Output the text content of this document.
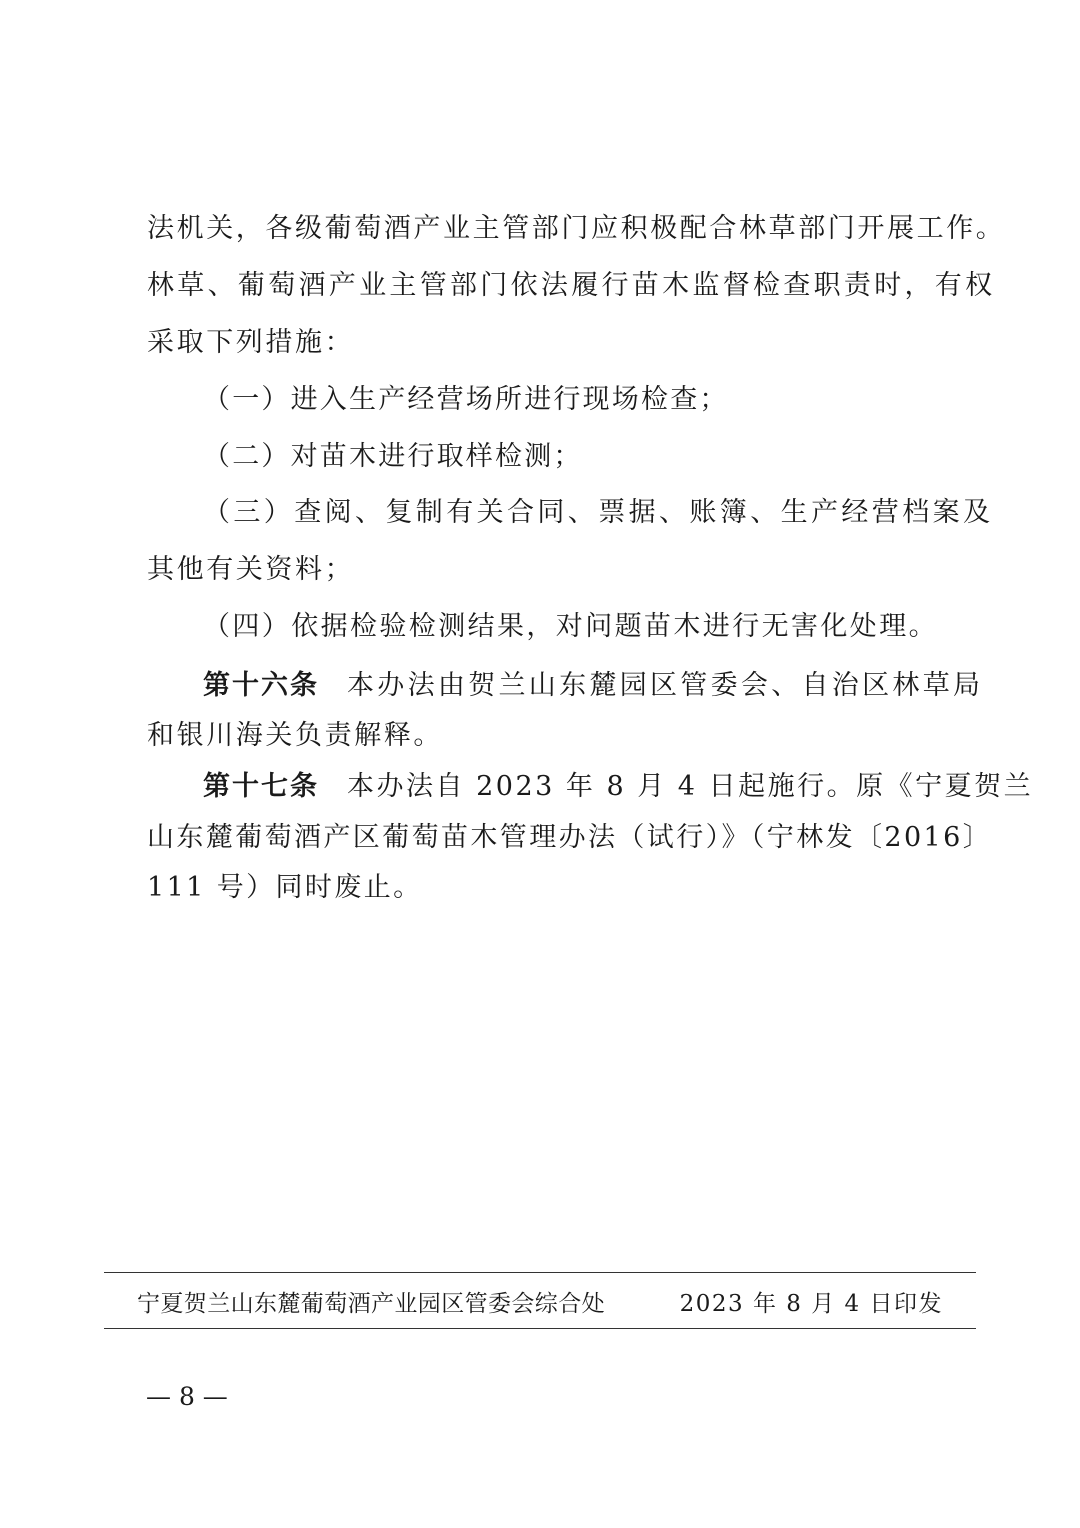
法机关，各级葡萄酒产业主管部门应积极配合林草部门开展工作。
林草、葡萄酒产业主管部门依法履行苗木监督检查职责时，有权
采取下列措施：
（一）进入生产经营场所进行现场检查；
（二）对苗木进行取样检测；
（三）查阅、复制有关合同、票据、账簿、生产经营档案及
其他有关资料；
（四）依据检验检测结果，对问题苗木进行无害化处理。
第十六条 本办法由贺兰山东麓园区管委会、自治区林草局
和银川海关负责解释。
第十七条 本办法自 2023 年 8 月 4 日起施行。原《宁夏贺兰
山东麓葡萄酒产区葡萄苗木管理办法（试行）》（宁林发〔2016〕
111 号）同时废止。
宁夏贺兰山东麓葡萄酒产业园区管委会综合处	2023 年 8 月 4 日印发
— 8 —
